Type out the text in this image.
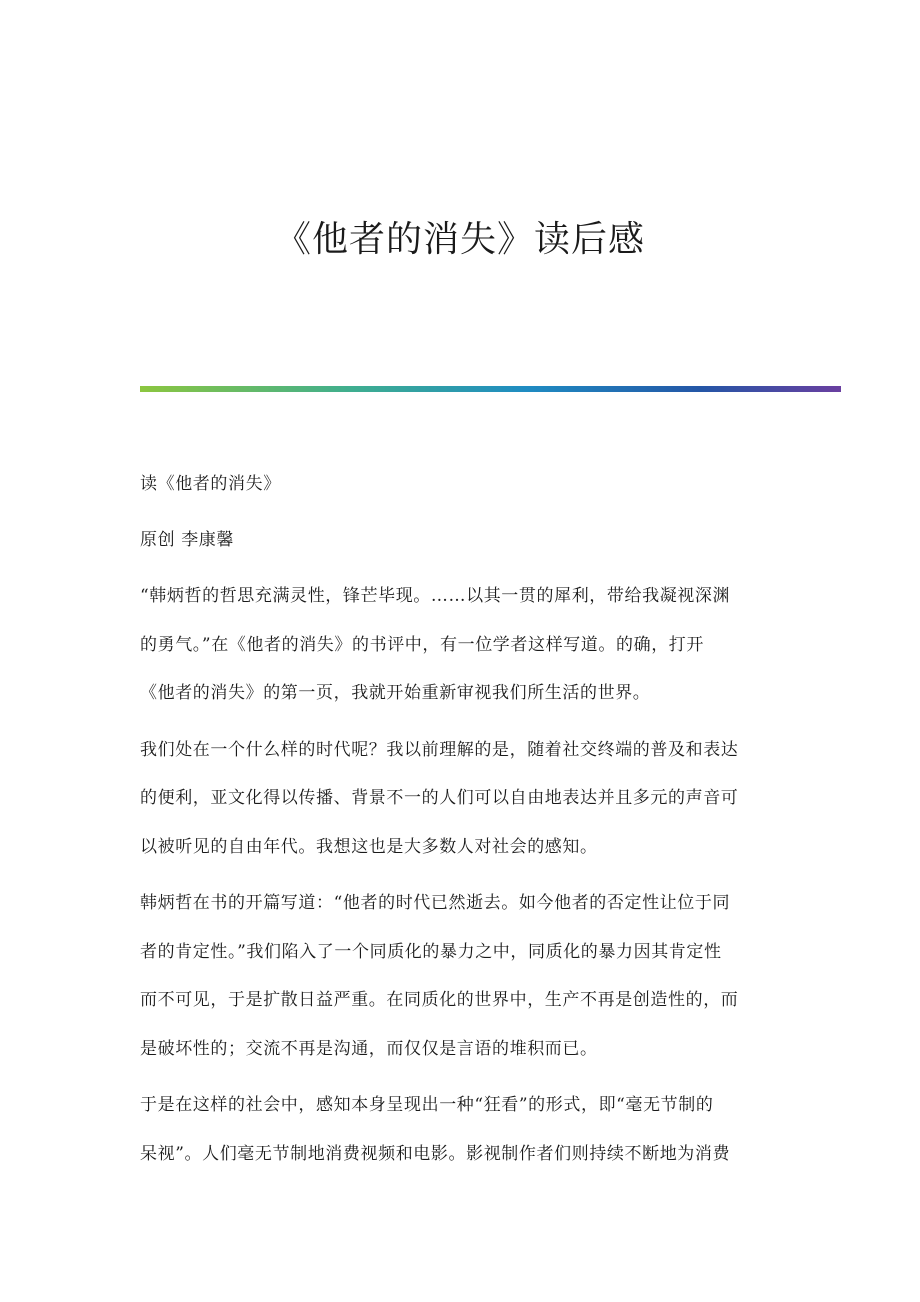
《他者的消失》读后感
读《他者的消失》
原创 李康馨
“韩炳哲的哲思充满灵性，锋芒毕现。……以其一贯的犀利，带给我凝视深渊
的勇气。”在《他者的消失》的书评中，有一位学者这样写道。的确，打开
《他者的消失》的第一页，我就开始重新审视我们所生活的世界。
我们处在一个什么样的时代呢？我以前理解的是，随着社交终端的普及和表达
的便利，亚文化得以传播、背景不一的人们可以自由地表达并且多元的声音可
以被听见的自由年代。我想这也是大多数人对社会的感知。
韩炳哲在书的开篇写道：“他者的时代已然逝去。如今他者的否定性让位于同
者的肯定性。”我们陷入了一个同质化的暴力之中，同质化的暴力因其肯定性
而不可见，于是扩散日益严重。在同质化的世界中，生产不再是创造性的，而
是破坏性的；交流不再是沟通，而仅仅是言语的堆积而已。
于是在这样的社会中，感知本身呈现出一种“狂看”的形式，即“毫无节制的
呆视”。人们毫无节制地消费视频和电影。影视制作者们则持续不断地为消费
